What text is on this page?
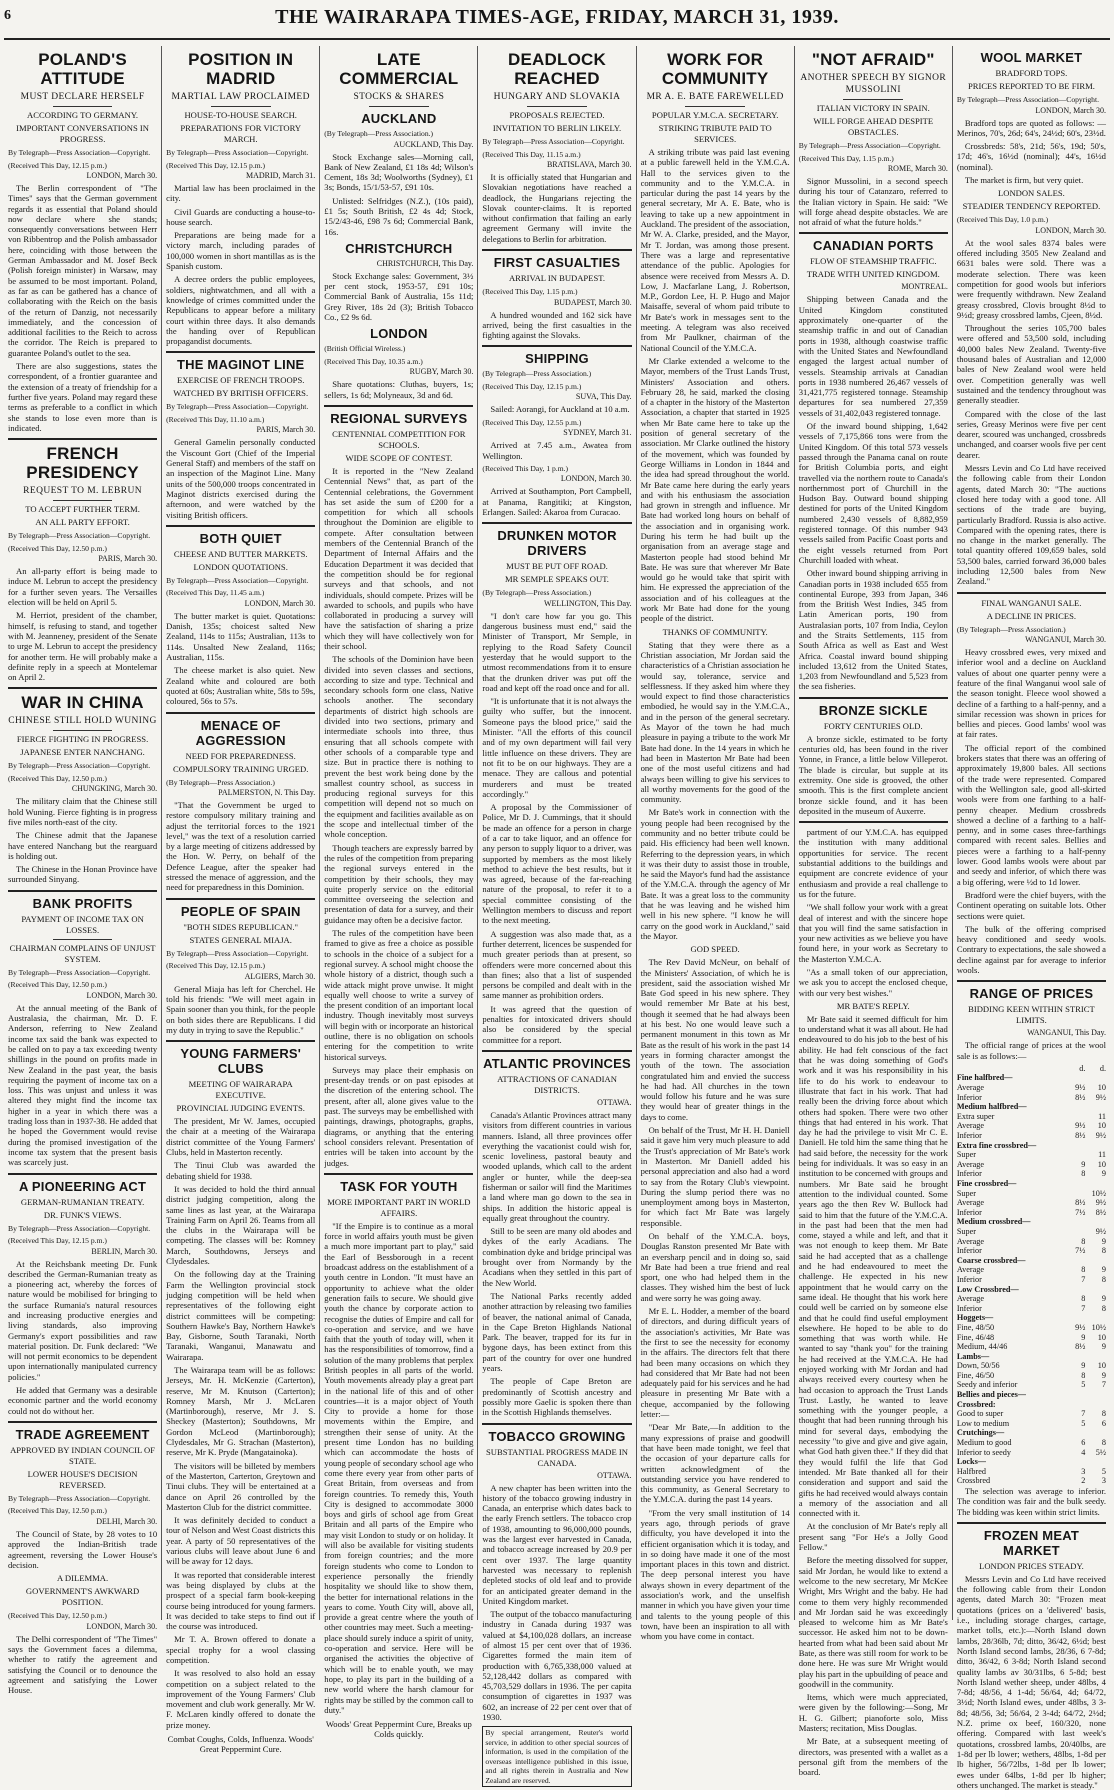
6	THE WAIRARAPA TIMES-AGE, FRIDAY, MARCH 31, 1939.
POLAND'S ATTITUDE
MUST DECLARE HERSELF
ACCORDING TO GERMANY.
IMPORTANT CONVERSATIONS IN PROGRESS.
By Telegraph—Press Association—Copyright.
(Received This Day, 12.15 p.m.)
LONDON, March 30.

The Berlin correspondent of "The Times" says that the German government regards it as essential that Poland should now declare where she stands; consequently conversations between Herr von Ribbentrop and the Polish ambassador here, coinciding with those between the German Ambassador and M. Josef Beck (Polish foreign minister) in Warsaw, may be assumed to be most important. Poland, as far as can be gathered has a chance of collaborating with the Reich on the basis of the return of Danzig, not necessarily immediately, and the concession of additional facilities to the Reich to across the corridor. The Reich is prepared to guarantee Poland's outlet to the sea.

There are also suggestions, states the correspondent, of a frontier guarantee and the extension of a treaty of friendship for a further five years. Poland may regard these terms as preferable to a conflict in which she stands to lose even more than is indicated.

FRENCH PRESIDENCY
REQUEST TO M. LEBRUN
TO ACCEPT FURTHER TERM.
AN ALL PARTY EFFORT.
By Telegraph—Press Association—Copyright.
(Received This Day, 12.50 p.m.)
PARIS, March 30.

An all-party effort is being made to induce M. Lebrun to accept the presidency for a further seven years. The Versailles election will be held on April 5.

M. Herriot, president of the chamber, himself, is refusing to stand, and together with M. Jeanneney, president of the Senate to urge M. Lebrun to accept the presidency for another term. He will probably make a definite reply in a speech at Montelemar on April 2.

WAR IN CHINA
CHINESE STILL HOLD WUNING
FIERCE FIGHTING IN PROGRESS.
JAPANESE ENTER NANCHANG.
By Telegraph—Press Association—Copyright.
(Received This Day, 12.50 p.m.)
CHUNGKING, March 30.

The military claim that the Chinese still hold Wuning. Fierce fighting is in progress five miles north-east of the city.

The Chinese admit that the Japanese have entered Nanchang but the rearguard is holding out.

The Chinese in the Honan Province have surrounded Sinyang.

BANK PROFITS
PAYMENT OF INCOME TAX ON LOSSES.
CHAIRMAN COMPLAINS OF UNJUST SYSTEM.
By Telegraph—Press Association—Copyright.
(Received This Day, 12.50 p.m.)
LONDON, March 30.

At the annual meeting of the Bank of Australasia, the chairman, Mr. D. F. Anderson, referring to New Zealand income tax said the bank was expected to be called on to pay a tax exceeding twenty shillings in the pound on profits made in New Zealand in the past year, the basis requiring the payment of income tax on a loss. This was unjust and unless it was altered they might find the income tax higher in a year in which there was a trading loss than in 1937-38. He added that he hoped the Government would revise during the promised investigation of the income tax system that the present basis was scarcely just.

A PIONEERING ACT
GERMAN-RUMANIAN TREATY.
DR. FUNK'S VIEWS.
By Telegraph—Press Association—Copyright.
(Received This Day, 12.15 p.m.)
BERLIN, March 30.

At the Reichsbank meeting Dr. Funk described the German-Rumanian treaty as a pioneering act, whereby the forces of nature would be mobilised for bringing to the surface Rumania's natural resources and increasing productive energies and living standards, also improving Germany's export possibilities and raw material position. Dr. Funk declared: "We will not permit economics to be dependent upon internationally manipulated currency policies."

He added that Germany was a desirable economic partner and the world economy could not do without her.

TRADE AGREEMENT
APPROVED BY INDIAN COUNCIL OF STATE.
LOWER HOUSE'S DECISION REVERSED.
By Telegraph—Press Association—Copyright.
(Received This Day, 12.50 p.m.)
DELHI, March 30.

The Council of State, by 28 votes to 10 approved the Indian-British trade agreement, reversing the Lower House's decision.

A DILEMMA.
GOVERNMENT'S AWKWARD POSITION.
(Received This Day, 12.50 p.m.)
LONDON, March 30.

The Delhi correspondent of "The Times" says the Government faces a dilemma, whether to ratify the agreement and satisfying the Council or to denounce the agreement and satisfying the Lower House.

POSITION IN MADRID
MARTIAL LAW PROCLAIMED
HOUSE-TO-HOUSE SEARCH.
PREPARATIONS FOR VICTORY MARCH.
By Telegraph—Press Association—Copyright.
(Received This Day, 12.15 p.m.)
MADRID, March 31.

Martial law has been proclaimed in the city.

Civil Guards are conducting a house-to-house search.

Preparations are being made for a victory march, including parades of 100,000 women in short mantillas as is the Spanish custom.

A decree orders the public employees, soldiers, nightwatchmen, and all with a knowledge of crimes committed under the Republicans to appear before a military court within three days. It also demands the handing over of Republican propagandist documents.

THE MAGINOT LINE
EXERCISE OF FRENCH TROOPS.
WATCHED BY BRITISH OFFICERS.
By Telegraph—Press Association—Copyright.
(Received This Day, 11.10 a.m.)
PARIS, March 30.

General Gamelin personally conducted the Viscount Gort (Chief of the Imperial General Staff) and members of the staff on an inspection of the Maginot Line. Many units of the 500,000 troops concentrated in Maginot districts exercised during the afternoon, and were watched by the visiting British officers.

BOTH QUIET
CHEESE AND BUTTER MARKETS.
LONDON QUOTATIONS.
By Telegraph—Press Association—Copyright.
(Received This Day, 11.45 a.m.)
LONDON, March 30.

The butter market is quiet. Quotations: Danish, 135s; choicest salted New Zealand, 114s to 115s; Australian, 113s to 114s. Unsalted New Zealand, 116s; Australian, 115s.

The cheese market is also quiet. New Zealand white and coloured are both quoted at 60s; Australian white, 58s to 59s, coloured, 56s to 57s.

MENACE OF AGGRESSION
NEED FOR PREPAREDNESS.
COMPULSORY TRAINING URGED.
(By Telegraph—Press Association.)
PALMERSTON, N. This Day.

"That the Government be urged to restore compulsory military training and adjust the territorial forces to the 1921 level," was the text of a resolution carried by a large meeting of citizens addressed by the Hon. W. Perry, on behalf of the Defence League, after the speaker had stressed the menace of aggression, and the need for preparedness in this Dominion.

PEOPLE OF SPAIN
"BOTH SIDES REPUBLICAN."
STATES GENERAL MIAJA.
By Telegraph—Press Association—Copyright.
(Received This Day, 12.15 p.m.)
ALGIERS, March 30.

General Miaja has left for Cherchel. He told his friends: "We will meet again in Spain sooner than you think, for the people on both sides there are Republicans. I did my duty in trying to save the Republic."

YOUNG FARMERS' CLUBS
MEETING OF WAIRARAPA EXECUTIVE.
PROVINCIAL JUDGING EVENTS.

The president, Mr W. James, occupied the chair at a meeting of the Wairarapa district committee of the Young Farmers' Clubs, held in Masterton recently.

The Tinui Club was awarded the debating shield for 1938.

It was decided to hold the third annual district judging competition, along the same lines as last year, at the Wairarapa Training Farm on April 26. Teams from all the clubs in the Wairarapa will be competing. The classes will be: Romney March, Southdowns, Jerseys and Clydesdales.

On the following day at the Training Farm the Wellington provincial stock judging competition will be held when representatives of the following eight district committees will be competing: Southern Hawke's Bay, Northern Hawke's Bay, Gisborne, South Taranaki, North Taranaki, Wanganui, Manawatu and Wairarapa.

The Wairarapa team will be as follows: Jerseys, Mr. H. McKenzie (Carterton), reserve, Mr M. Knutson (Carterton); Romney Marsh, Mr J. McLaren (Martinborough), reserve, Mr J. S. Sheckey (Masterton); Southdowns, Mr Gordon McLeod (Martinborough); Clydesdales, Mr G. Strachan (Masterton), reserve, Mr K. Pryde (Mangatainoka).

The visitors will be billeted by members of the Masterton, Carterton, Greytown and Tinui clubs. They will be entertained at a dance on April 26 controlled by the Masterton Club for the district committee.

It was definitely decided to conduct a tour of Nelson and West Coast districts this year. A party of 50 representatives of the various clubs will leave about June 6 and will be away for 12 days.

It was reported that considerable interest was being displayed by clubs at the prospect of a special farm book-keeping course being introduced for young farmers. It was decided to take steps to find out if the course was introduced.

Mr T. A. Brown offered to donate a special trophy for a wool classing competition.

It was resolved to also hold an essay competition on a subject related to the improvement of the Young Farmers' Club movement and club work generally. Mr W. F. McLaren kindly offered to donate the prize money.

Combat Coughs, Colds, Influenza. Woods' Great Peppermint Cure.
LATE COMMERCIAL
STOCKS & SHARES
AUCKLAND
(By Telegraph—Press Association.)
AUCKLAND, This Day.

Stock Exchange sales—Morning call, Bank of New Zealand, £1 18s 4d; Wilson's Cement, 18s 3d; Woolworths (Sydney), £1 3s; Bonds, 15/1/53-57, £91 10s.

Unlisted: Selfridges (N.Z.), (10s paid), £1 5s; South British, £2 4s 4d; Stock, 15/2/43-46, £98 7s 6d; Commercial Bank, 16s.

CHRISTCHURCH
CHRISTCHURCH, This Day.

Stock Exchange sales: Government, 3½ per cent stock, 1953-57, £91 10s; Commercial Bank of Australia, 15s 11d; Grey River, 18s 2d (3); British Tobacco Co., £2 9s 6d.

LONDON
(British Official Wireless.)
(Received This Day, 10.35 a.m.)
RUGBY, March 30.

Share quotations: Cluthas, buyers, 1s; sellers, 1s 6d; Molyneaux, 3d and 6d.

REGIONAL SURVEYS
CENTENNIAL COMPETITION FOR SCHOOLS.
WIDE SCOPE OF CONTEST.

It is reported in the "New Zealand Centennial News" that, as part of the Centennial celebrations, the Government has set aside the sum of £200 for a competition for which all schools throughout the Dominion are eligible to compete. After consultation between members of the Centennial Branch of the Department of Internal Affairs and the Education Department it was decided that the competition should be for regional surveys and that schools, and not individuals, should compete. Prizes will be awarded to schools, and pupils who have collaborated in producing a survey will have the satisfaction of sharing a prize which they will have collectively won for their school.

The schools of the Dominion have been divided into seven classes and sections, according to size and type. Technical and secondary schools form one class, Native schools another. The secondary departments of district high schools are divided into two sections, primary and intermediate schools into three, thus ensuring that all schools compete with other schools of a comparable type and size. But in practice there is nothing to prevent the best work being done by the smallest country school, as success in producing regional surveys for this competition will depend not so much on the equipment and facilities available as on the scope and intellectual timber of the whole conception.

Though teachers are expressly barred by the rules of the competition from preparing the regional surveys entered in the competition by their schools, they may quite properly service on the editorial committee overseeing the selection and presentation of data for a survey, and their guidance may often be a decisive factor.

The rules of the competition have been framed to give as free a choice as possible to schools in the choice of a subject for a regional survey. A school might choose the whole history of a district, though such a wide attack might prove unwise. It might equally well choose to write a survey of the present condition of an important local industry. Though inevitably most surveys will begin with or incorporate an historical outline, there is no obligation on schools entering for the competition to write historical surveys.

Surveys may place their emphasis on present-day trends or on past episodes at the discretion of the entering school. The present, after all, alone gives value to the past. The surveys may be embellished with paintings, drawings, photographs, graphs, diagrams, or anything that the entering school considers relevant. Presentation of entries will be taken into account by the judges.

TASK FOR YOUTH
MORE IMPORTANT PART IN WORLD AFFAIRS.

"If the Empire is to continue as a moral force in world affairs youth must be given a much more important part to play," said the Earl of Bessborough in a recent broadcast address on the establishment of a youth centre in London. "It must have an opportunity to achieve what the older generation fails to secure. We should give youth the chance by corporate action to recognise the duties of Empire and call for co-operation and service, and we have faith that the youth of today will, when it has the responsibilities of tomorrow, find a solution of the many problems that perplex British peoples in all parts of the world. Youth movements already play a great part in the national life of this and of other countries—it is a major object of Youth City to provide a home for those movements within the Empire, and strengthen their sense of unity. At the present time London has no building which can accommodate the hosts of young people of secondary school age who come there every year from other parts of Great Britain, from overseas and from foreign countries. To remedy this, Youth City is designed to accommodate 3000 boys and girls of school age from Great Britain and all parts of the Empire who may visit London to study or on holiday. It will also be available for visiting students from foreign countries; and the more foreign students who come to London to experience personally the friendly hospitality we should like to show them, the better for international relations in the years to come. Youth City will, above all, provide a great centre where the youth of other countries may meet. Such a meeting-place should surely induce a spirit of unity, co-operation and service. Here will be organised the activities the objective of which will be to enable youth, we may hope, to play its part in the building of a new world where the harsh clamour for rights may be stilled by the common call to duty."

Woods' Great Peppermint Cure, Breaks up Colds quickly.
DEADLOCK REACHED
HUNGARY AND SLOVAKIA
PROPOSALS REJECTED.
INVITATION TO BERLIN LIKELY.
By Telegraph—Press Association—Copyright.
(Received This Day, 11.15 a.m.)
BRATISLAVA, March 30.

It is officially stated that Hungarian and Slovakian negotiations have reached a deadlock, the Hungarians rejecting the Slovak counter-claims. It is reported without confirmation that failing an early agreement Germany will invite the delegations to Berlin for arbitration.

FIRST CASUALTIES
ARRIVAL IN BUDAPEST.
(Received This Day, 1.15 p.m.)
BUDAPEST, March 30.

A hundred wounded and 162 sick have arrived, being the first casualties in the fighting against the Slovaks.

SHIPPING
(By Telegraph—Press Association.)
(Received This Day, 12.15 p.m.)
SUVA, This Day.

Sailed: Aorangi, for Auckland at 10 a.m.

(Received This Day, 12.55 p.m.)
SYDNEY, March 31.

Arrived at 7.45 a.m., Awatea from Wellington.

(Received This Day, 1 p.m.)
LONDON, March 30.

Arrived at Southampton, Port Campbell, at Panama, Rangitiki; at Kingston, Erlangen. Sailed: Akaroa from Curacao.

DRUNKEN MOTOR DRIVERS
MUST BE PUT OFF ROAD.
MR SEMPLE SPEAKS OUT.
(By Telegraph—Press Association.)
WELLINGTON, This Day.

"I don't care how far you go. This dangerous business must end," said the Minister of Transport, Mr Semple, in replying to the Road Safety Council yesterday that he would support to the utmost recommendations from it to ensure that the drunken driver was put off the road and kept off the road once and for all.

"It is unfortunate that it is not always the guilty who suffer, but the innocent. Someone pays the blood price," said the Minister. "All the efforts of this council and of my own department will fail very little influence on these drivers. They are not fit to be on our highways. They are a menace. They are callous and potential murderers and must be treated accordingly."

A proposal by the Commissioner of Police, Mr D. J. Cummings, that it should be made an offence for a person in charge of a car to take liquor, and an offence for any person to supply liquor to a driver, was supported by members as the most likely method to achieve the best results, but it was agreed, because of the far-reaching nature of the proposal, to refer it to a special committee consisting of the Wellington members to discuss and report to the next meeting.

A suggestion was also made that, as a further deterrent, licences be suspended for much greater periods than at present, so offenders were more concerned about this than fines; also that a list of suspended persons be compiled and dealt with in the same manner as prohibition orders.

It was agreed that the question of penalties for intoxicated drivers should also be considered by the special committee for a report.

ATLANTIC PROVINCES
ATTRACTIONS OF CANADIAN DISTRICTS.
OTTAWA.

Canada's Atlantic Provinces attract many visitors from different countries in various manners. Island, all three provinces offer everything the vacationist could wish for, scenic loveliness, pastoral beauty and wooded uplands, which call to the ardent angler or hunter, while the deep-sea fisherman or sailor will find the Maritimes a land where man go down to the sea in ships. In addition the historic appeal is equally great throughout the country.

Still to be seen are many old abodes and dykes of the early Acadians. The combination dyke and bridge principal was brought over from Normandy by the Acadians when they settled in this part of the New World.

The National Parks recently added another attraction by releasing two families of beaver, the national animal of Canada, in the Cape Breton Highlands National Park. The beaver, trapped for its fur in bygone days, has been extinct from this part of the country for over one hundred years.

The people of Cape Breton are predominantly of Scottish ancestry and possibly more Gaelic is spoken there than in the Scottish Highlands themselves.

TOBACCO GROWING
SUBSTANTIAL PROGRESS MADE IN CANADA.
OTTAWA.

A new chapter has been written into the history of the tobacco growing industry in Canada, an enterprise which dates back to the early French settlers. The tobacco crop of 1938, amounting to 96,000,000 pounds, was the largest ever harvested in Canada, and tobacco acreage increased by 20.9 per cent over 1937. The large quantity harvested was necessary to replenish depleted stocks of old leaf and to provide for an anticipated greater demand in the United Kingdom market.

The output of the tobacco manufacturing industry in Canada during 1937 was valued at $4,100,028 dollars, an increase of almost 15 per cent over that of 1936. Cigarettes formed the main item of production with 6,765,338,000 valued at 52,128,442 dollars as compared with 45,703,529 dollars in 1936. The per capita consumption of cigarettes in 1937 was 602, an increase of 22 per cent over that of 1930.

By special arrangement, Reuter's world service, in addition to other special sources of information, is used in the compilation of the overseas intelligence published in this issue, and all rights therein in Australia and New Zealand are reserved.
WORK FOR COMMUNITY
MR A. E. BATE FAREWELLED
POPULAR Y.M.C.A. SECRETARY.
STRIKING TRIBUTE PAID TO SERVICES.

A striking tribute was paid last evening at a public farewell held in the Y.M.C.A. Hall to the services given to the community and to the Y.M.C.A. in particular during the past 14 years by the general secretary, Mr A. E. Bate, who is leaving to take up a new appointment in Auckland. The president of the association, Mr W. A. Clarke, presided, and the Mayor, Mr T. Jordan, was among those present. There was a large and representative attendance of the public. Apologies for absence were received from Messrs A. D. Low, J. Macfarlane Lang, J. Robertson, M.P., Gordon Lee, H. P. Hugo and Major Maisaffe, several of whom paid tribute to Mr Bate's work in messages sent to the meeting. A telegram was also received from Mr Paulkner, chairman of the National Council of the Y.M.C.A.

Mr Clarke extended a welcome to the Mayor, members of the Trust Lands Trust, Ministers' Association and others. February 28, he said, marked the closing of a chapter in the history of the Masterton Association, a chapter that started in 1925 when Mr Bate came here to take up the position of general secretary of the association. Mr Clarke outlined the history of the movement, which was founded by George Williams in London in 1844 and the idea had spread throughout the world. Mr Bate came here during the early years and with his enthusiasm the association had grown in strength and influence. Mr Bate had worked long hours on behalf of the association and in organising work. During his term he had built up the organisation from an average stage and Masterton people had stood behind Mr Bate. He was sure that wherever Mr Bate would go he would take that spirit with him. He expressed the appreciation of the association and of his colleagues at the work Mr Bate had done for the young people of the district.

THANKS OF COMMUNITY.

Stating that they were there as a Christian association, Mr Jordan said the characteristics of a Christian association he would say, tolerance, service and selflessness. If they asked him where they would expect to find those characteristics embodied, he would say in the Y.M.C.A., and in the person of the general secretary. As Mayor of the town he had much pleasure in paying a tribute to the work Mr Bate had done. In the 14 years in which he had been in Masterton Mr Bate had been one of the most useful citizens and had always been willing to give his services to all worthy movements for the good of the community.

Mr Bate's work in connection with the young people had been recognised by the community and no better tribute could be paid. His efficiency had been well known. Referring to the depression years, in which it was their duty to assist those in trouble, he said the Mayor's fund had the assistance of the Y.M.C.A. through the agency of Mr Bate. It was a great loss to the community that he was leaving and he wished him well in his new sphere. "I know he will carry on the good work in Auckland," said the Mayor.

GOD SPEED.

The Rev David McNeur, on behalf of the Ministers' Association, of which he is president, said the association wished Mr Bate God speed in his new sphere. They would remember Mr Bate at his best, though it seemed that he had always been at his best. No one would leave such a permanent monument in this town as Mr Bate as the result of his work in the past 14 years in forming character amongst the youth of the town. The association congratulated him and envied the success he had had. All churches in the town would follow his future and he was sure they would hear of greater things in the days to come.

On behalf of the Trust, Mr H. H. Daniell said it gave him very much pleasure to add the Trust's appreciation of Mr Bate's work in Masterton. Mr Daniell added his personal appreciation and also had a word to say from the Rotary Club's viewpoint. During the slump period there was no unemployment among boys in Masterton, for which fact Mr Bate was largely responsible.

On behalf of the Y.M.C.A. boys, Douglas Ranston presented Mr Bate with an eversharp pencil and in doing so, said Mr Bate had been a true friend and real sport, one who had helped them in the classes. They wished him the best of luck and were sorry he was going away.

Mr E. L. Hodder, a member of the board of directors, and during difficult years of the association's activities, Mr Bate was the first to see the necessity for economy in the affairs. The directors felt that there had been many occasions on which they had considered that Mr Bate had not been adequately paid for his services and he had pleasure in presenting Mr Bate with a cheque, accompanied by the following letter:—

"Dear Mr Bate,—In addition to the many expressions of praise and goodwill that have been made tonight, we feel that the occasion of your departure calls for written acknowledgment of the outstanding service you have rendered to this community, as General Secretary to the Y.M.C.A. during the past 14 years.

"From the very small institution of 14 years ago, through periods of grave difficulty, you have developed it into the efficient organisation which it is today, and in so doing have made it one of the most important places in this town and district. The deep personal interest you have always shown in every department of the association's work, and the unselfish manner in which you have given your time and talents to the young people of this town, have been an inspiration to all with whom you have come in contact.

"NOT AFRAID"
ANOTHER SPEECH BY SIGNOR MUSSOLINI
ITALIAN VICTORY IN SPAIN.
WILL FORGE AHEAD DESPITE OBSTACLES.
By Telegraph—Press Association—Copyright.
(Received This Day, 1.15 p.m.)
ROME, March 30.

Signor Mussolini, in a second speech during his tour of Catanzaro, referred to the Italian victory in Spain. He said: "We will forge ahead despite obstacles. We are not afraid of what the future holds."

CANADIAN PORTS
FLOW OF STEAMSHIP TRAFFIC.
TRADE WITH UNITED KINGDOM.
MONTREAL.

Shipping between Canada and the United Kingdom constituted approximately one-quarter of the steamship traffic in and out of Canadian ports in 1938, although coastwise traffic with the United States and Newfoundland engaged the largest actual number of vessels. Steamship arrivals at Canadian ports in 1938 numbered 26,467 vessels of 31,421,775 registered tonnage. Steamship departures for sea numbered 27,359 vessels of 31,402,043 registered tonnage.

Of the inward bound shipping, 1,642 vessels of 7,175,866 tons were from the United Kingdom. Of this total 573 vessels passed through the Panama canal on route for British Columbia ports, and eight travelled via the northern route to Canada's northernmost port of Churchill in the Hudson Bay. Outward bound shipping destined for ports of the United Kingdom numbered 2,430 vessels of 8,882,959 registered tonnage. Of this number 943 vessels sailed from Pacific Coast ports and the eight vessels returned from Port Churchill loaded with wheat.

Other inward bound shipping arriving in Canadian ports in 1938 included 655 from continental Europe, 393 from Japan, 346 from the British West Indies, 345 from Latin American ports, 190 from Australasian ports, 107 from India, Ceylon and the Straits Settlements, 115 from South Africa as well as East and West Africa. Coastal inward bound shipping included 13,612 from the United States, 1,203 from Newfoundland and 5,523 from the sea fisheries.

BRONZE SICKLE
FORTY CENTURIES OLD.

A bronze sickle, estimated to be forty centuries old, has been found in the river Yonne, in France, a little below Villeperot. The blade is circular, but supple at its extremity. One side is grooved, the other smooth. This is the first complete ancient bronze sickle found, and it has been deposited in the museum of Auxerre.

partment of our Y.M.C.A. has equipped the institution with many additional opportunities for service. The recent substantial additions to the buildings and equipment are concrete evidence of your enthusiasm and provide a real challenge to us for the future.

"We shall follow your work with a great deal of interest and with the sincere hope that you will find the same satisfaction in your new activities as we believe you have found here, in your work as Secretary to the Masterton Y.M.C.A.

"As a small token of our appreciation, we ask you to accept the enclosed cheque, with our very best wishes."

MR BATE'S REPLY.

Mr Bate said it seemed difficult for him to understand what it was all about. He had endeavoured to do his job to the best of his ability. He had felt conscious of the fact that he was doing something of God's work and it was his responsibility in his life to do his work to endeavour to illustrate that fact in his work. That had really been the driving force about which others had spoken. There were two other things that had entered in his work. That day he had the privilege to visit Mr C. E. Daniell. He told him the same thing that he had said before, the necessity for the work being for individuals. It was so easy in an institution to be concerned with groups and numbers. Mr Bate said he brought attention to the individual counted. Some years ago the then Rev W. Bullock had said to him that the future of the Y.M.C.A. in the past had been that the men had come, stayed a while and left, and that it was not enough to keep them. Mr Bate said he had accepted that as a challenge and he had endeavoured to meet the challenge. He expected in his new appointment that he would carry on the same ideal. He thought that his work here could well be carried on by someone else and that he could find useful employment elsewhere. He hoped to be able to do something that was worth while. He wanted to say "thank you" for the training he had received at the Y.M.C.A. He had enjoyed working with Mr Jordan and had always received every courtesy when he had occasion to approach the Trust Lands Trust. Lastly, he wanted to leave something with the younger people, a thought that had been running through his mind for several days, embodying the necessity "to give and give and give again, what God hath given thee." If they did that they would fulfil the life that God intended. Mr Bate thanked all for their consideration and support and said the gifts he had received would always contain a memory of the association and all connected with it.

At the conclusion of Mr Bate's reply all present sang "For He's a Jolly Good Fellow."

Before the meeting dissolved for supper, said Mr Jordan, he would like to extend a welcome to the new secretary, Mr McKee Wright, Mrs Wright and the baby. He had come to them very highly recommended and Mr Jordan said he was exceedingly pleased to welcome him as Mr Bate's successor. He asked him not to be down-hearted from what had been said about Mr Bate, as there was still room for work to be done here. He was sure Mr Wright would play his part in the upbuilding of peace and goodwill in the community.

Items, which were much appreciated, were given by the following:—Song, Mr H. G. Gilbert; pianoforte solo, Miss Masters; recitation, Miss Douglas.

Mr Bate, at a subsequent meeting of directors, was presented with a wallet as a personal gift from the members of the board.

WOOL MARKET
BRADFORD TOPS.
PRICES REPORTED TO BE FIRM.
By Telegraph—Press Association—Copyright.
LONDON, March 30.

Bradford tops are quoted as follows: —Merinos, 70's, 26d; 64's, 24½d; 60's, 23½d.

Crossbreds: 58's, 21d; 56's, 19d; 50's, 17d; 46's, 16½d (nominal); 44's, 16½d (nominal).

The market is firm, but very quiet.

LONDON SALES.
STEADIER TENDENCY REPORTED.
(Received This Day, 1.0 p.m.)
LONDON, March 30.

At the wool sales 8374 bales were offered including 3505 New Zealand and 6631 bales were sold. There was a moderate selection. There was keen competition for good wools but inferiors were frequently withdrawn. New Zealand greasy crossbred, Clovis brought 8½d to 9½d; greasy crossbred lambs, Cjeen, 8½d.

Throughout the series 105,700 bales were offered and 53,500 sold, including 40,000 bales New Zealand. Twenty-five thousand bales of Australian and 12,000 bales of New Zealand wool were held over. Competition generally was well sustained and the tendency throughout was generally steadier.

Compared with the close of the last series, Greasy Merinos were five per cent dearer, scoured was unchanged, crossbreds unchanged, and coarser wools five per cent dearer.

Messrs Levin and Co Ltd have received the following cable from their London agents, dated March 30: "The auctions closed here today with a good tone. All sections of the trade are buying, particularly Bradford. Russia is also active. Compared with the opening rates, there is no change in the market generally. The total quantity offered 109,659 bales, sold 53,500 bales, carried forward 36,000 bales including 12,500 bales from New Zealand."

FINAL WANGANUI SALE.
A DECLINE IN PRICES.
(By Telegraph—Press Association.)
WANGANUI, March 30.

Heavy crossbred ewes, very mixed and inferior wool and a decline on Auckland values of about one quarter penny were a feature of the final Wanganui wool sale of the season tonight. Fleece wool showed a decline of a farthing to a half-penny, and a similar recession was shown in prices for bellies and pieces. Good lambs' wool was at fair rates.

The official report of the combined brokers states that there was an offering of approximately 19,800 bales. All sections of the trade were represented. Compared with the Wellington sale, good all-skirted wools were from one farthing to a half-penny cheaper. Medium crossbreds showed a decline of a farthing to a half-penny, and in some cases three-farthings compared with recent sales. Bellies and pieces were a farthing to a half-penny lower. Good lambs wools were about par and seedy and inferior, of which there was a big offering, were ½d to 1d lower.

Bradford were the chief buyers, with the Continent operating on suitable lots. Other sections were quiet.

The bulk of the offering comprised heavy conditioned and seedy wools. Contrary to expectations, the sale showed a decline against par for average to inferior wools.

RANGE OF PRICES
BIDDING KEEN WITHIN STRICT LIMITS.
WANGANUI, This Day.

The official range of prices at the wool sale is as follows:—

	d.	d.
Fine halfbred—		
Average	9½	10
Inferior	8½	9½
Medium halfbred—		
Extra super		11
Average	9½	10
Inferior	8½	9½
Extra fine crossbred—		
Super		11
Average	9	10
Inferior	8	9
Fine crossbred—		
Super		10½
Average	8½	9½
Inferior	7½	8½
Medium crossbred—		
Super		9½
Average	8	9
Inferior	7½	8
Coarse crossbred—		
Average	8	9
Inferior	7	8
Low Crossbred—		
Average	8	9
Inferior	7	8
Hoggets—		
Fine, 48/50	9½	10½
Fine, 46/48	9	10
Medium, 44/46	8½	9
Lambs—		
Down, 50/56	9	10
Fine, 46/50	8	9
Seedy and inferior	5	7
Bellies and pieces—		
Crossbred:		
Good to super	7	8
Low to medium	5	6
Crutchings—		
Medium to good	6	8
Inferior to seedy	4	5½
Locks—		
Halfbred	3	5
Crossbred	2	3

The selection was average to inferior. The condition was fair and the bulk seedy. The bidding was keen within strict limits.

FROZEN MEAT MARKET
LONDON PRICES STEADY.

Messrs Levin and Co Ltd have received the following cable from their London agents, dated March 30: "Frozen meat quotations (prices on a 'delivered' basis, i.e., including storage charges, cartage, market tolls, etc.):—North Island down lambs, 28/36lb, 7d; ditto, 36/42, 6½d; best North Island second lambs, 28/36, 6 7-8d; ditto, 36/42, 6 3-8d; North Island second quality lambs av 30/31lbs, 6 5-8d; best North Island wether sheep, under 48lbs, 4 7-8d; 48/56, 4 1-4d; 56/64, 4d; 64/72, 3½d; North Island ewes, under 48lbs, 3 3-8d; 48/56, 3d; 56/64, 2 3-4d; 64/72, 2½d; N.Z. prime ox beef, 160/320, none offering. Compared with last week's quotations, crossbred lambs, 20/40lbs, are 1-8d per lb lower; wethers, 48lbs, 1-8d per lb higher, 56/72lbs, 1-8d per lb lower; ewes under 64lbs, 1-8d per lb higher; others unchanged. The market is steady."
